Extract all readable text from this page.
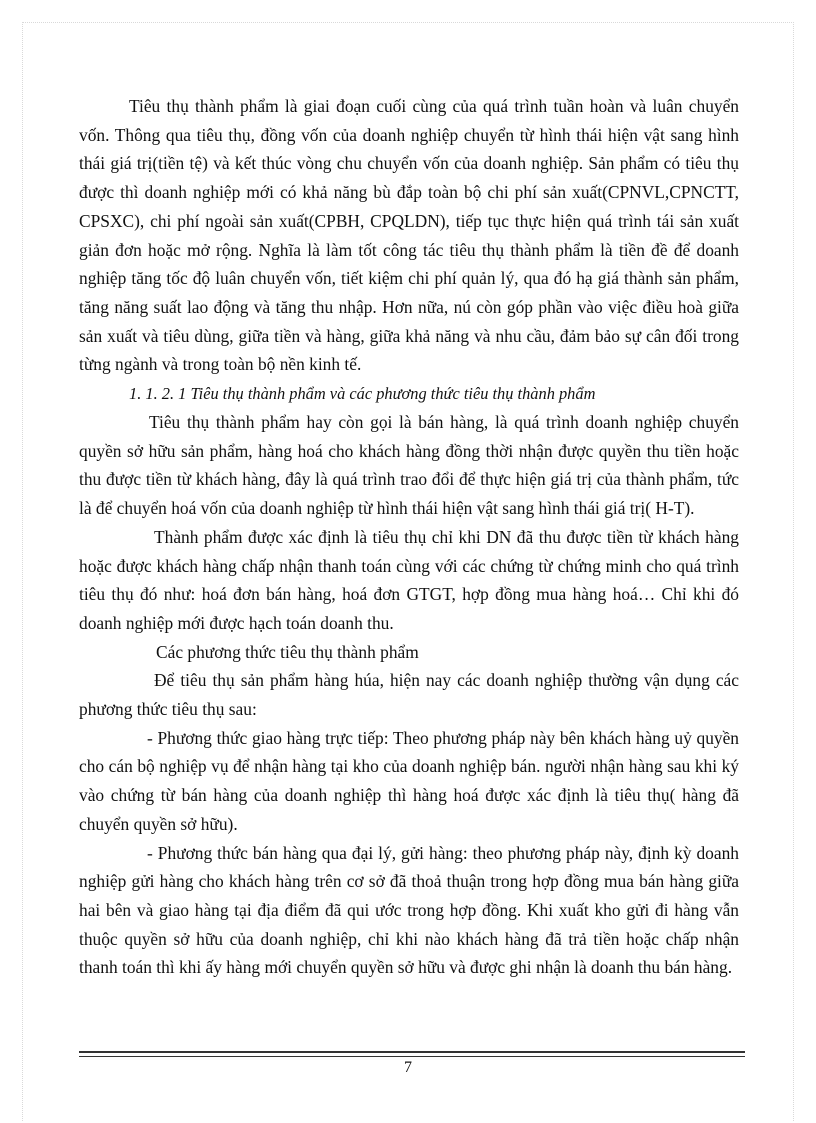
Tiêu thụ thành phẩm là giai đoạn cuối cùng của quá trình tuần hoàn và luân chuyển vốn. Thông qua tiêu thụ, đồng vốn của doanh nghiệp chuyển từ hình thái hiện vật sang hình thái giá trị(tiền tệ) và kết thúc vòng chu chuyển vốn của doanh nghiệp. Sản phẩm có tiêu thụ được thì doanh nghiệp mới có khả năng bù đắp toàn bộ chi phí sản xuất(CPNVL,CPNCTT, CPSXC), chi phí ngoài sản xuất(CPBH, CPQLDN), tiếp tục thực hiện quá trình tái sản xuất giản đơn hoặc mở rộng. Nghĩa là làm tốt công tác tiêu thụ thành phẩm là tiền đề để doanh nghiệp tăng tốc độ luân chuyển vốn, tiết kiệm chi phí quản lý, qua đó hạ giá thành sản phẩm, tăng năng suất lao động và tăng thu nhập. Hơn nữa, nú còn góp phần vào việc điều hoà giữa sản xuất và tiêu dùng, giữa tiền và hàng, giữa khả năng và nhu cầu, đảm bảo sự cân đối trong từng ngành và trong toàn bộ nền kinh tế.

1. 1. 2. 1 Tiêu thụ thành phẩm và các phương thức tiêu thụ thành phẩm

Tiêu thụ thành phẩm hay còn gọi là bán hàng, là quá trình doanh nghiệp chuyển quyền sở hữu sản phẩm, hàng hoá cho khách hàng đồng thời nhận được quyền thu tiền hoặc thu được tiền từ khách hàng, đây là quá trình trao đổi để thực hiện giá trị của thành phẩm, tức là để chuyển hoá vốn của doanh nghiệp từ hình thái hiện vật sang hình thái giá trị( H-T).

Thành phẩm được xác định là tiêu thụ chỉ khi DN đã thu được tiền từ khách hàng hoặc được khách hàng chấp nhận thanh toán cùng với các chứng từ chứng minh cho quá trình tiêu thụ đó như: hoá đơn bán hàng, hoá đơn GTGT, hợp đồng mua hàng hoá… Chỉ khi đó doanh nghiệp mới được hạch toán doanh thu.

Các phương thức tiêu thụ thành phẩm

Để tiêu thụ sản phẩm hàng húa, hiện nay các doanh nghiệp thường vận dụng các phương thức tiêu thụ sau:

- Phương thức giao hàng trực tiếp: Theo phương pháp này bên khách hàng uỷ quyền cho cán bộ nghiệp vụ để nhận hàng tại kho của doanh nghiệp bán. người nhận hàng sau khi ký vào chứng từ bán hàng của doanh nghiệp thì hàng hoá được xác định là tiêu thụ( hàng đã chuyển quyền sở hữu).

- Phương thức bán hàng qua đại lý, gửi hàng: theo phương pháp này, định kỳ doanh nghiệp gửi hàng cho khách hàng trên cơ sở đã thoả thuận trong hợp đồng mua bán hàng giữa hai bên và giao hàng tại địa điểm đã qui ước trong hợp đồng. Khi xuất kho gửi đi hàng vẫn thuộc quyền sở hữu của doanh nghiệp, chỉ khi nào khách hàng đã trả tiền hoặc chấp nhận thanh toán thì khi ấy hàng mới chuyển quyền sở hữu và được ghi nhận là doanh thu bán hàng.

7
